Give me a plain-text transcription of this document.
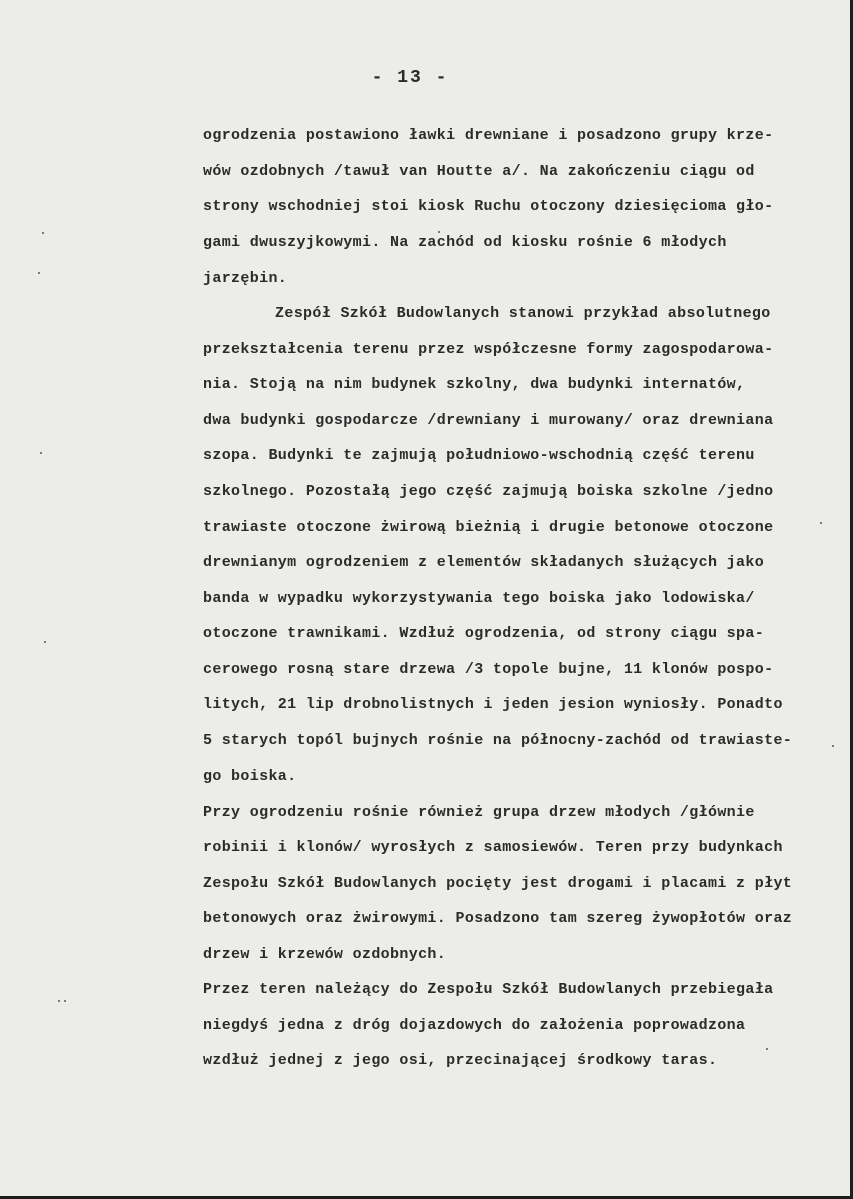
- 13 -

ogrodzenia postawiono ławki drewniane i posadzono grupy krze-

wów ozdobnych /tawuł van Houtte a/. Na zakończeniu ciągu od

strony wschodniej stoi kiosk Ruchu otoczony dziesięcioma gło-

gami dwuszyjkowymi. Na zachód od kiosku rośnie 6 młodych

jarzębin.

Zespół Szkół Budowlanych stanowi przykład absolutnego

przekształcenia terenu przez współczesne formy zagospodarowa-

nia. Stoją na nim budynek szkolny, dwa budynki internatów,

dwa budynki gospodarcze /drewniany i murowany/ oraz drewniana

szopa. Budynki te zajmują południowo-wschodnią część terenu

szkolnego. Pozostałą jego część zajmują boiska szkolne /jedno

trawiaste otoczone żwirową bieżnią i drugie betonowe otoczone

drewnianym ogrodzeniem z elementów składanych służących jako

banda w wypadku wykorzystywania tego boiska jako lodowiska/

otoczone trawnikami. Wzdłuż ogrodzenia, od strony ciągu spa-

cerowego rosną stare drzewa /3 topole bujne, 11 klonów pospo-

litych, 21 lip drobnolistnych i jeden jesion wyniosły. Ponadto

5 starych topól bujnych rośnie na północny-zachód od trawiaste-

go boiska.

Przy ogrodzeniu rośnie również grupa drzew młodych /głównie

robinii i klonów/ wyrosłych z samosiewów. Teren przy budynkach

Zespołu Szkół Budowlanych pocięty jest drogami i placami z płyt

betonowych oraz żwirowymi. Posadzono tam szereg żywopłotów oraz

drzew i krzewów ozdobnych.

Przez teren należący do Zespołu Szkół Budowlanych przebiegała

niegdyś jedna z dróg dojazdowych do założenia poprowadzona

wzdłuż jednej z jego osi, przecinającej środkowy taras.
